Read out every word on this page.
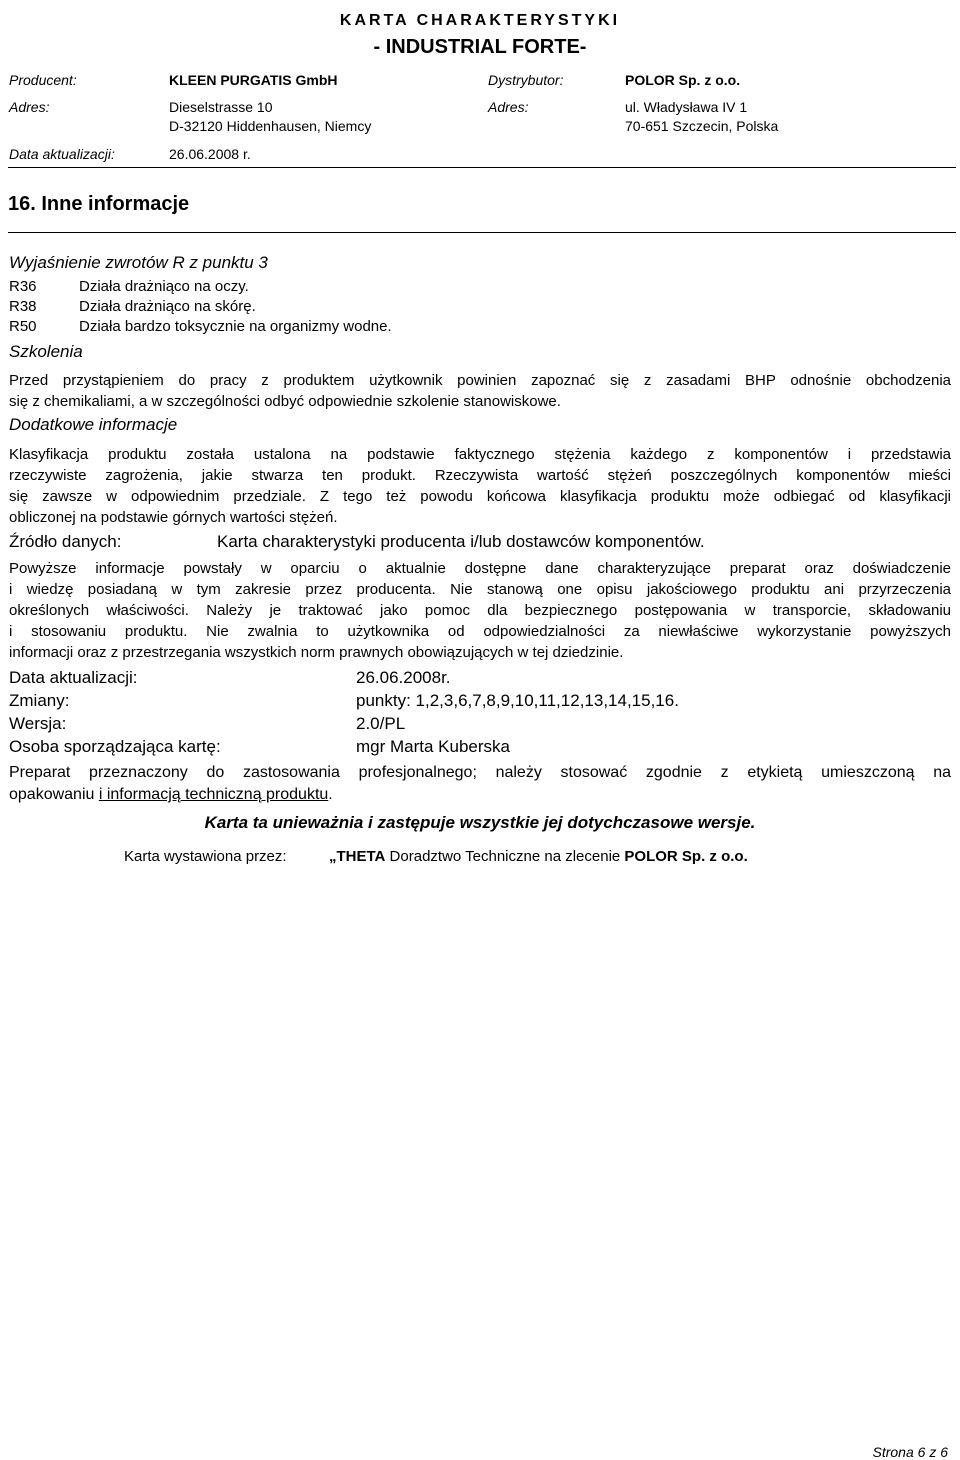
KARTA CHARAKTERYSTYKI
- INDUSTRIAL FORTE-
Producent:	KLEEN PURGATIS GmbH	Dystrybutor:	POLOR Sp. z o.o.
Adres:	Dieselstrasse 10
D-32120 Hiddenhausen, Niemcy
Adres:	ul. Władysława IV 1
70-651 Szczecin, Polska
Data aktualizacji:	26.06.2008 r.
16. Inne informacje
Wyjaśnienie zwrotów R z punktu 3
R36	Działa drażniąco na oczy.
R38	Działa drażniąco na skórę.
R50	Działa bardzo toksycznie na organizmy wodne.
Szkolenia
Przed przystąpieniem do pracy z produktem użytkownik powinien zapoznać się z zasadami BHP odnośnie obchodzenia
się z chemikaliami, a w szczególności odbyć odpowiednie szkolenie stanowiskowe.
Dodatkowe informacje
Klasyfikacja produktu została ustalona na podstawie faktycznego stężenia każdego z komponentów i przedstawia
rzeczywiste zagrożenia, jakie stwarza ten produkt. Rzeczywista wartość stężeń poszczególnych komponentów mieści
się zawsze w odpowiednim przedziale. Z tego też powodu końcowa klasyfikacja produktu może odbiegać od klasyfikacji
obliczonej na podstawie górnych wartości stężeń.
Źródło danych:	Karta charakterystyki producenta i/lub dostawców komponentów.
Powyższe informacje powstały w oparciu o aktualnie dostępne dane charakteryzujące preparat oraz doświadczenie
i wiedzę posiadaną w tym zakresie przez producenta. Nie stanową one opisu jakościowego produktu ani przyrzeczenia
określonych właściwości. Należy je traktować jako pomoc dla bezpiecznego postępowania w transporcie, składowaniu
i stosowaniu produktu. Nie zwalnia to użytkownika od odpowiedzialności za niewłaściwe wykorzystanie powyższych
informacji oraz z przestrzegania wszystkich norm prawnych obowiązujących w tej dziedzinie.
Data aktualizacji:	26.06.2008r.
Zmiany:	punkty: 1,2,3,6,7,8,9,10,11,12,13,14,15,16.
Wersja:	2.0/PL
Osoba sporządzająca kartę:	mgr Marta Kuberska
Preparat przeznaczony do zastosowania profesjonalnego; należy stosować zgodnie z etykietą umieszczoną na
opakowaniu i informacją techniczną produktu.
Karta ta unieważnia i zastępuje wszystkie jej dotychczasowe wersje.
Karta wystawiona przez:	„THETA Doradztwo Techniczne na zlecenie POLOR Sp. z o.o.
Strona 6 z 6
